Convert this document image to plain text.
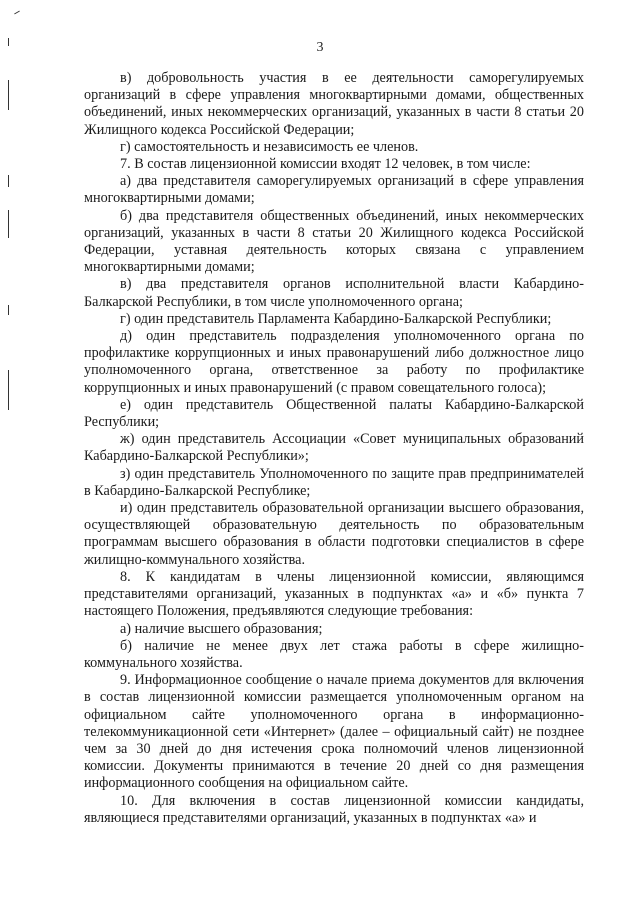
3

в) добровольность участия в ее деятельности саморегулируемых организаций в сфере управления многоквартирными домами, общественных объединений, иных некоммерческих организаций, указанных в части 8 статьи 20 Жилищного кодекса Российской Федерации;

г) самостоятельность и независимость ее членов.

7. В состав лицензионной комиссии входят 12 человек, в том числе:

а) два представителя саморегулируемых организаций в сфере управления многоквартирными домами;

б) два представителя общественных объединений, иных некоммерческих организаций, указанных в части 8 статьи 20 Жилищного кодекса Российской Федерации, уставная деятельность которых связана с управлением многоквартирными домами;

в) два представителя органов исполнительной власти Кабардино-Балкарской Республики, в том числе уполномоченного органа;

г) один представитель Парламента Кабардино-Балкарской Республики;

д) один представитель подразделения уполномоченного органа по профилактике коррупционных и иных правонарушений либо должностное лицо уполномоченного органа, ответственное за работу по профилактике коррупционных и иных правонарушений (с правом совещательного голоса);

е) один представитель Общественной палаты Кабардино-Балкарской Республики;

ж) один представитель Ассоциации «Совет муниципальных образований Кабардино-Балкарской Республики»;

з) один представитель Уполномоченного по защите прав предпринимателей в Кабардино-Балкарской Республике;

и) один представитель образовательной организации высшего образования, осуществляющей образовательную деятельность по образовательным программам высшего образования в области подготовки специалистов в сфере жилищно-коммунального хозяйства.

8. К кандидатам в члены лицензионной комиссии, являющимся представителями организаций, указанных в подпунктах «а» и «б» пункта 7 настоящего Положения, предъявляются следующие требования:

а) наличие высшего образования;

б) наличие не менее двух лет стажа работы в сфере жилищно-коммунального хозяйства.

9. Информационное сообщение о начале приема документов для включения в состав лицензионной комиссии размещается уполномоченным органом на официальном сайте уполномоченного органа в информационно-телекоммуникационной сети «Интернет» (далее – официальный сайт) не позднее чем за 30 дней до дня истечения срока полномочий членов лицензионной комиссии. Документы принимаются в течение 20 дней со дня размещения информационного сообщения на официальном сайте.

10. Для включения в состав лицензионной комиссии кандидаты, являющиеся представителями организаций, указанных в подпунктах «а» и
